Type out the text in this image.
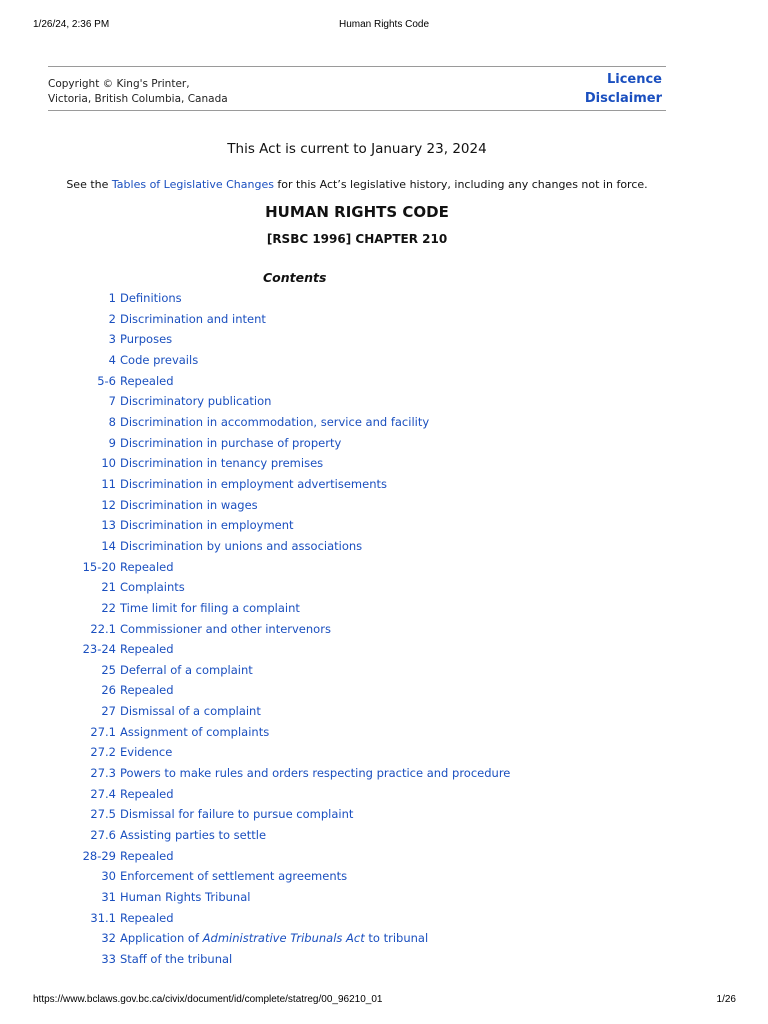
1/26/24, 2:36 PM	Human Rights Code
Copyright © King's Printer,
Victoria, British Columbia, Canada
Licence
Disclaimer
This Act is current to January 23, 2024
See the Tables of Legislative Changes for this Act’s legislative history, including any changes not in force.
HUMAN RIGHTS CODE
[RSBC 1996] CHAPTER 210
Contents
1 Definitions
2 Discrimination and intent
3 Purposes
4 Code prevails
5-6 Repealed
7 Discriminatory publication
8 Discrimination in accommodation, service and facility
9 Discrimination in purchase of property
10 Discrimination in tenancy premises
11 Discrimination in employment advertisements
12 Discrimination in wages
13 Discrimination in employment
14 Discrimination by unions and associations
15-20 Repealed
21 Complaints
22 Time limit for filing a complaint
22.1 Commissioner and other intervenors
23-24 Repealed
25 Deferral of a complaint
26 Repealed
27 Dismissal of a complaint
27.1 Assignment of complaints
27.2 Evidence
27.3 Powers to make rules and orders respecting practice and procedure
27.4 Repealed
27.5 Dismissal for failure to pursue complaint
27.6 Assisting parties to settle
28-29 Repealed
30 Enforcement of settlement agreements
31 Human Rights Tribunal
31.1 Repealed
32 Application of Administrative Tribunals Act to tribunal
33 Staff of the tribunal
https://www.bclaws.gov.bc.ca/civix/document/id/complete/statreg/00_96210_01	1/26
